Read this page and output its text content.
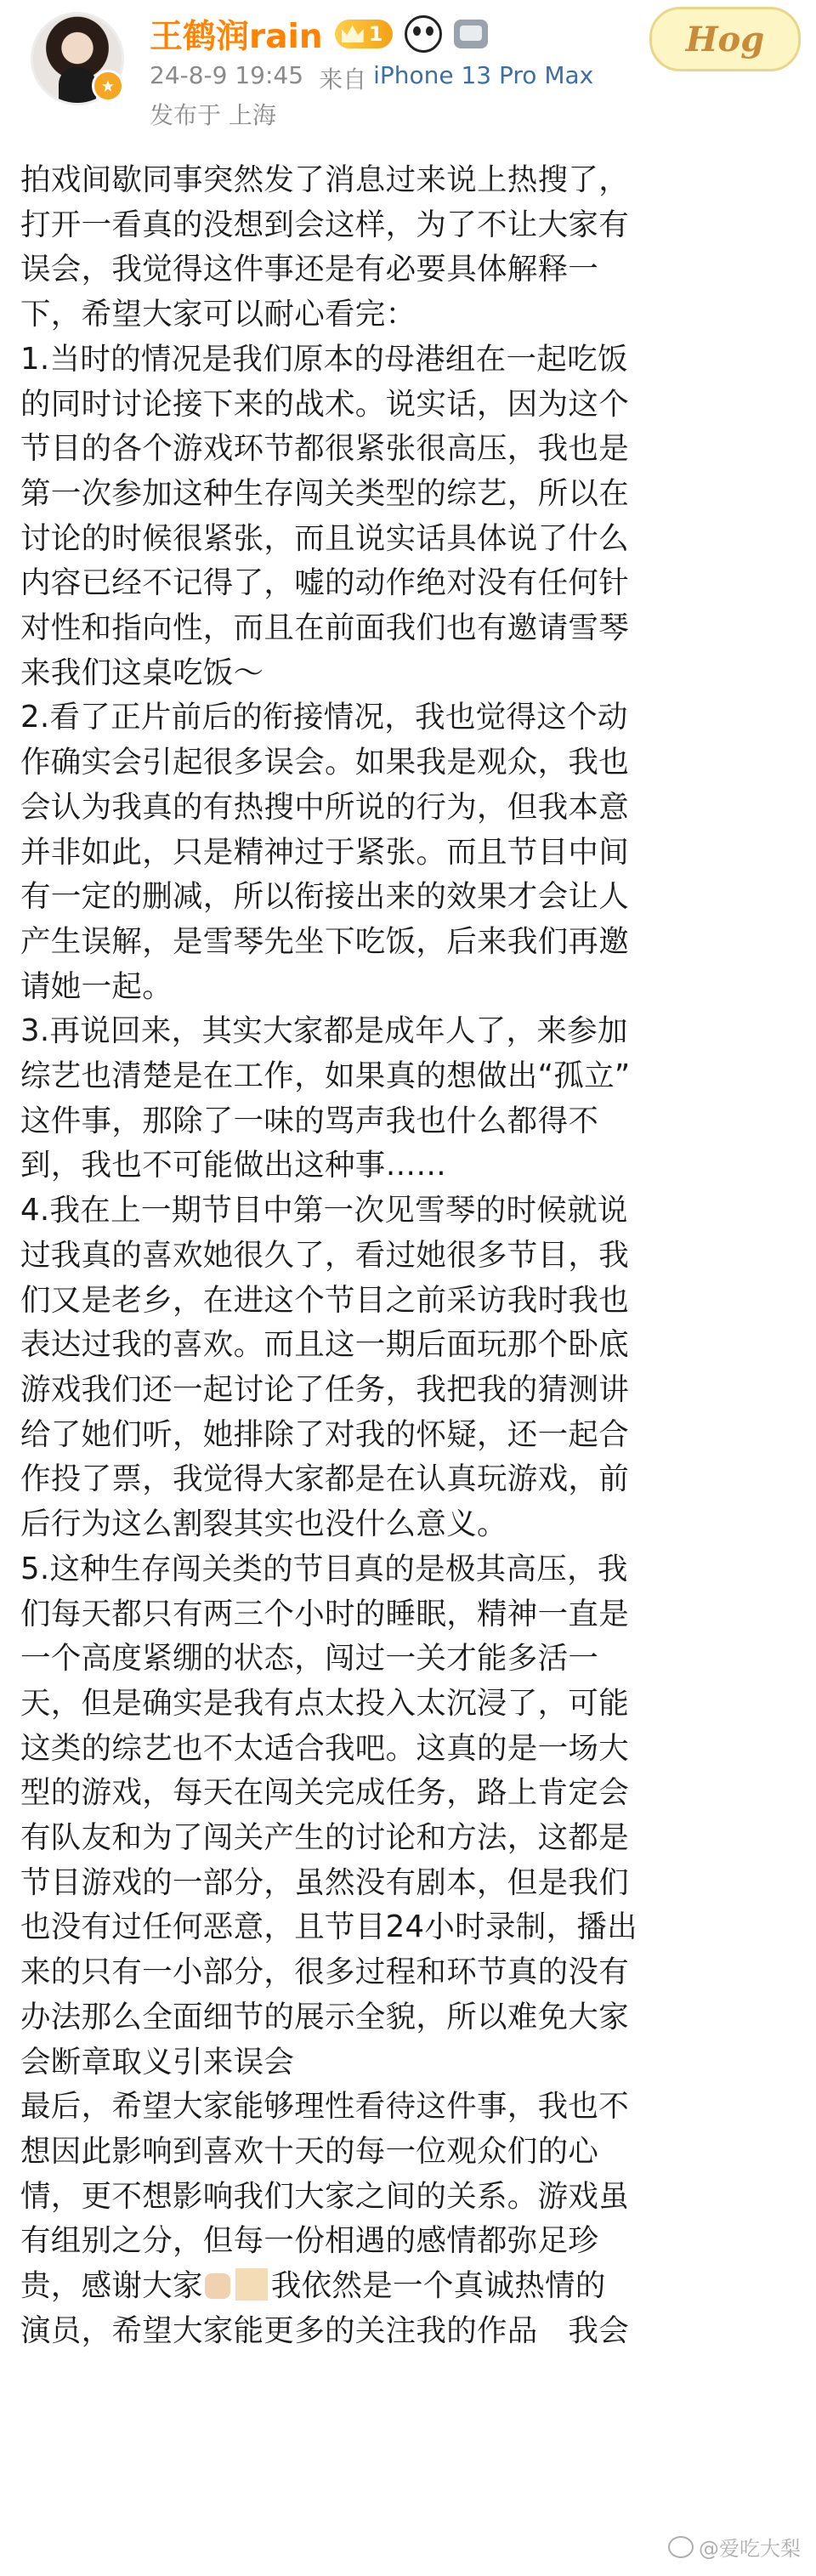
王鹤润rain 1
24-8-9 19:45 来自 iPhone 13 Pro Max
发布于 上海
Hog

拍戏间歇同事突然发了消息过来说上热搜了，
打开一看真的没想到会这样，为了不让大家有
误会，我觉得这件事还是有必要具体解释一
下，希望大家可以耐心看完：

1.当时的情况是我们原本的母港组在一起吃饭
的同时讨论接下来的战术。说实话，因为这个
节目的各个游戏环节都很紧张很高压，我也是
第一次参加这种生存闯关类型的综艺，所以在
讨论的时候很紧张，而且说实话具体说了什么
内容已经不记得了，嘘的动作绝对没有任何针
对性和指向性，而且在前面我们也有邀请雪琴
来我们这桌吃饭～

2.看了正片前后的衔接情况，我也觉得这个动
作确实会引起很多误会。如果我是观众，我也
会认为我真的有热搜中所说的行为，但我本意
并非如此，只是精神过于紧张。而且节目中间
有一定的删减，所以衔接出来的效果才会让人
产生误解，是雪琴先坐下吃饭，后来我们再邀
请她一起。

3.再说回来，其实大家都是成年人了，来参加
综艺也清楚是在工作，如果真的想做出“孤立”
这件事，那除了一味的骂声我也什么都得不
到，我也不可能做出这种事……

4.我在上一期节目中第一次见雪琴的时候就说
过我真的喜欢她很久了，看过她很多节目，我
们又是老乡，在进这个节目之前采访我时我也
表达过我的喜欢。而且这一期后面玩那个卧底
游戏我们还一起讨论了任务，我把我的猜测讲
给了她们听，她排除了对我的怀疑，还一起合
作投了票，我觉得大家都是在认真玩游戏，前
后行为这么割裂其实也没什么意义。

5.这种生存闯关类的节目真的是极其高压，我
们每天都只有两三个小时的睡眠，精神一直是
一个高度紧绷的状态，闯过一关才能多活一
天，但是确实是我有点太投入太沉浸了，可能
这类的综艺也不太适合我吧。这真的是一场大
型的游戏，每天在闯关完成任务，路上肯定会
有队友和为了闯关产生的讨论和方法，这都是
节目游戏的一部分，虽然没有剧本，但是我们
也没有过任何恶意，且节目24小时录制，播出
来的只有一小部分，很多过程和环节真的没有
办法那么全面细节的展示全貌，所以难免大家
会断章取义引来误会

最后，希望大家能够理性看待这件事，我也不
想因此影响到喜欢十天的每一位观众们的心
情，更不想影响我们大家之间的关系。游戏虽
有组别之分，但每一份相遇的感情都弥足珍

贵，感谢大家 我依然是一个真诚热情的
演员，希望大家能更多的关注我的作品　 我会

@爱吃大梨
